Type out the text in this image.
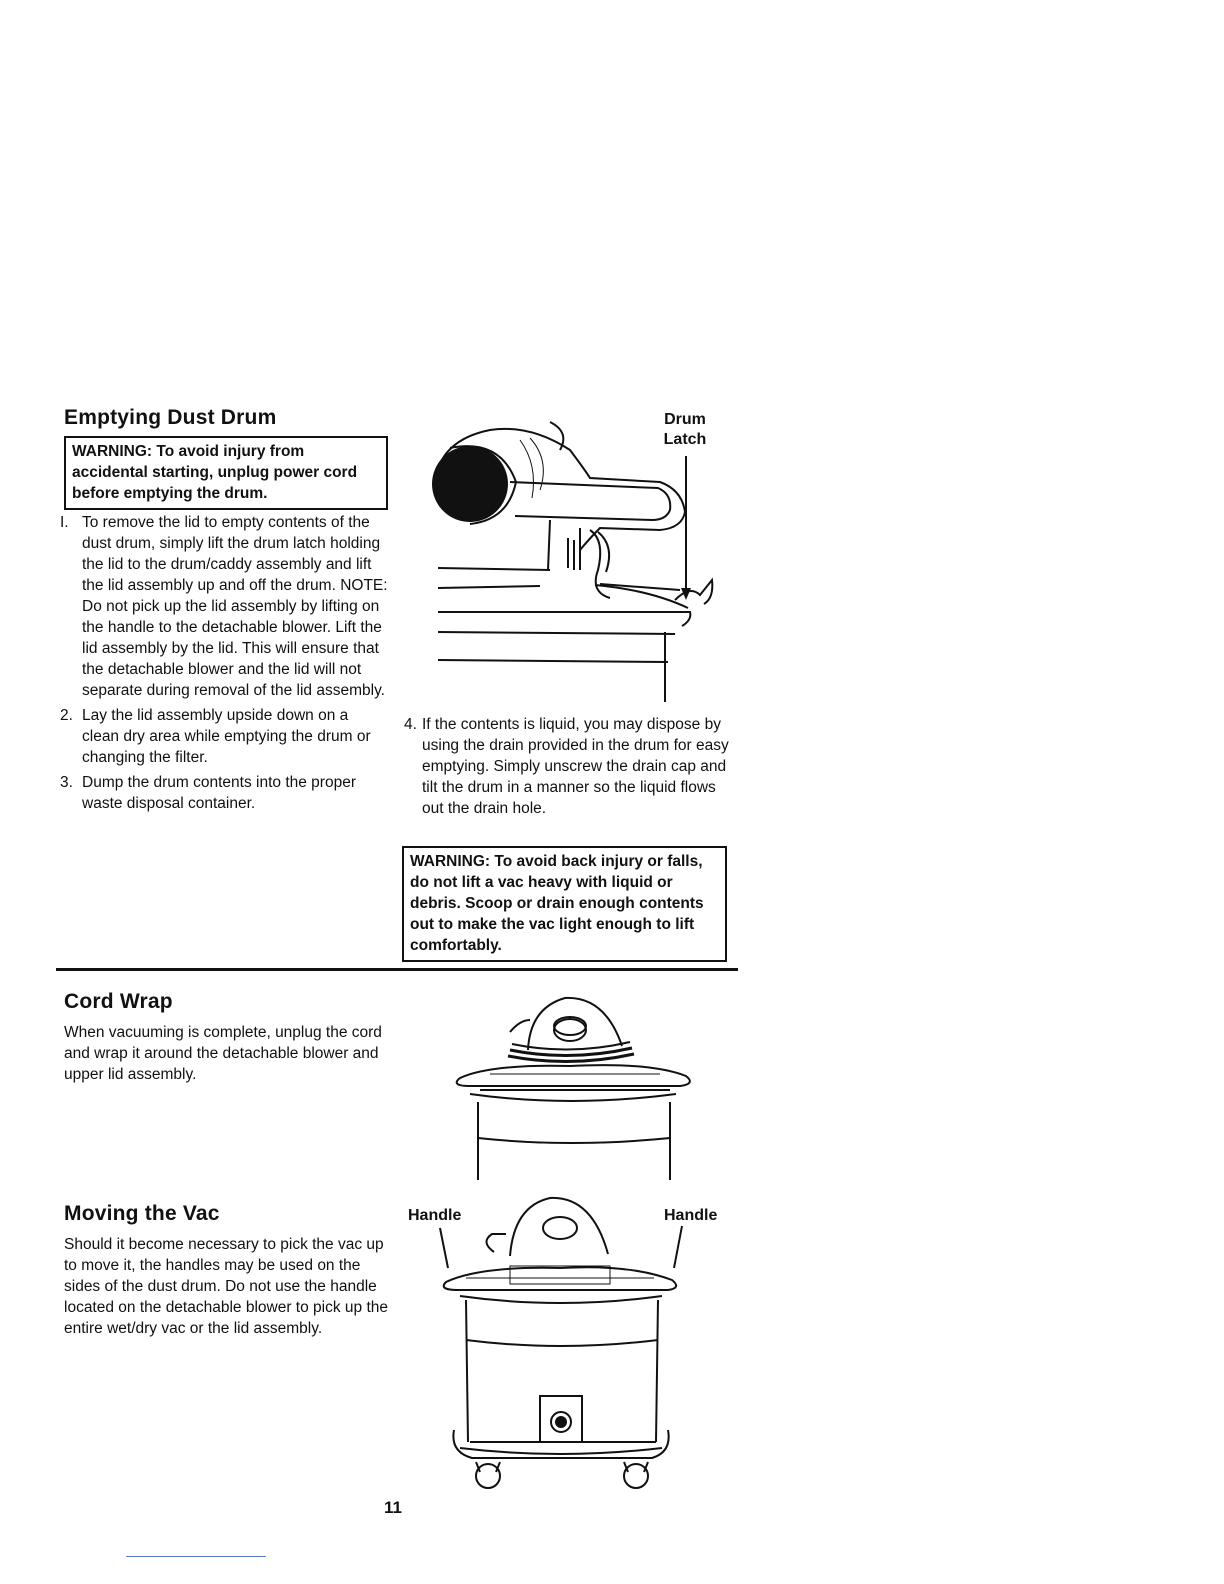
Emptying Dust Drum
WARNING: To avoid injury from accidental starting, unplug power cord before emptying the drum.
I. To remove the lid to empty contents of the dust drum, simply lift the drum latch holding the lid to the drum/caddy assembly and lift the lid assembly up and off the drum. NOTE: Do not pick up the lid assembly by lifting on the handle to the detachable blower. Lift the lid assembly by the lid. This will ensure that the detachable blower and the lid will not separate during removal of the lid assembly.
2. Lay the lid assembly upside down on a clean dry area while emptying the drum or changing the filter.
3. Dump the drum contents into the proper waste disposal container.
Drum
Latch
4. If the contents is liquid, you may dispose by using the drain provided in the drum for easy emptying. Simply unscrew the drain cap and tilt the drum in a manner so the liquid flows out the drain hole.
WARNING: To avoid back injury or falls, do not lift a vac heavy with liquid or debris. Scoop or drain enough contents out to make the vac light enough to lift comfortably.
Cord Wrap
When vacuuming is complete, unplug the cord and wrap it around the detachable blower and upper lid assembly.
Moving the Vac
Should it become necessary to pick the vac up to move it, the handles may be used on the sides of the dust drum. Do not use the handle located on the detachable blower to pick up the entire wet/dry vac or the lid assembly.
Handle	Handle
11
